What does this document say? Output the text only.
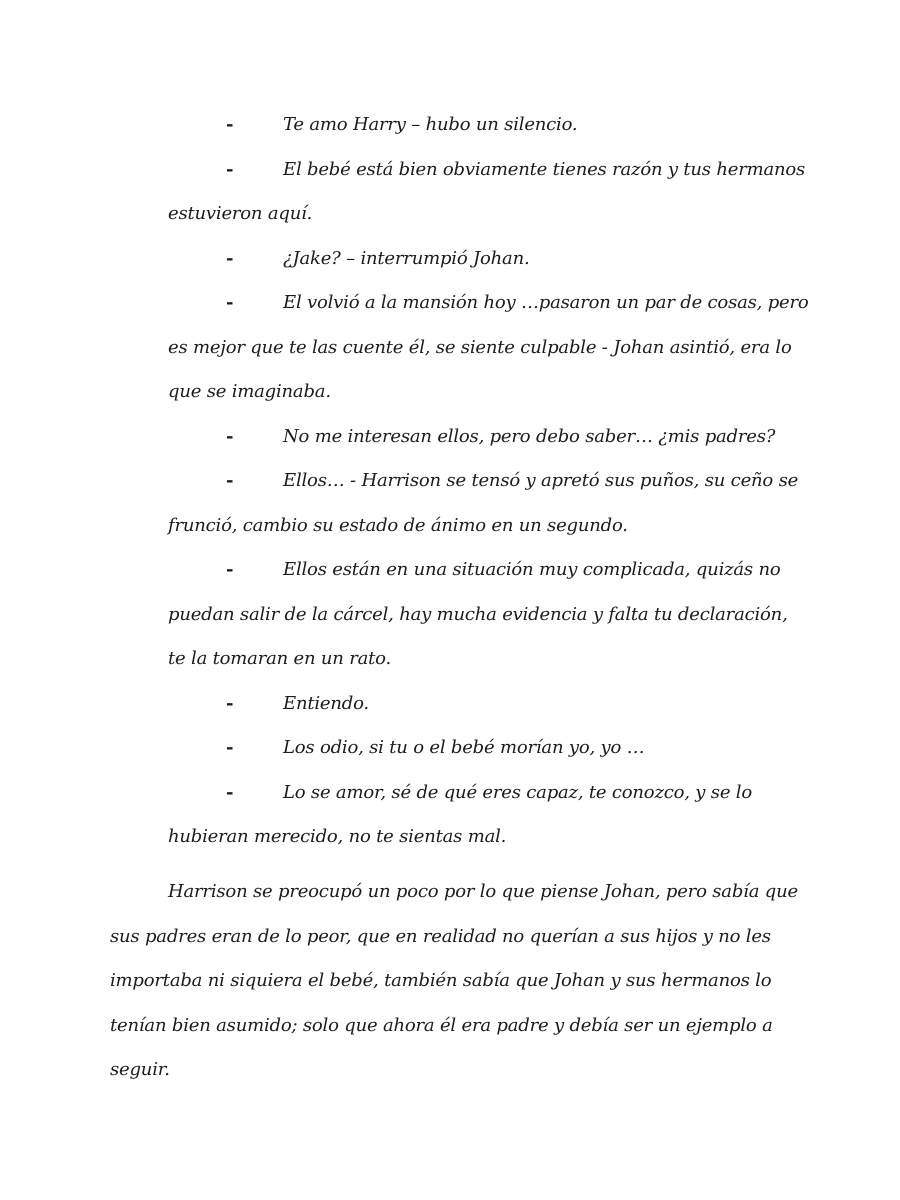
-	Te amo Harry – hubo un silencio.
-	El bebé está bien obviamente tienes razón y tus hermanos
estuvieron aquí.
-	¿Jake? – interrumpió Johan.
-	El volvió a la mansión hoy …pasaron un par de cosas, pero
es mejor que te las cuente él, se siente culpable - Johan asintió, era lo
que se imaginaba.
-	No me interesan ellos, pero debo saber… ¿mis padres?
-	Ellos… - Harrison se tensó y apretó sus puños, su ceño se
frunció, cambio su estado de ánimo en un segundo.
-	Ellos están en una situación muy complicada, quizás no
puedan salir de la cárcel, hay mucha evidencia y falta tu declaración,
te la tomaran en un rato.
-	Entiendo.
-	Los odio, si tu o el bebé morían yo, yo …
-	Lo se amor, sé de qué eres capaz, te conozco, y se lo
hubieran merecido, no te sientas mal.
Harrison se preocupó un poco por lo que piense Johan, pero sabía que
sus padres eran de lo peor, que en realidad no querían a sus hijos y no les
importaba ni siquiera el bebé, también sabía que Johan y sus hermanos lo
tenían bien asumido; solo que ahora él era padre y debía ser un ejemplo a
seguir.
